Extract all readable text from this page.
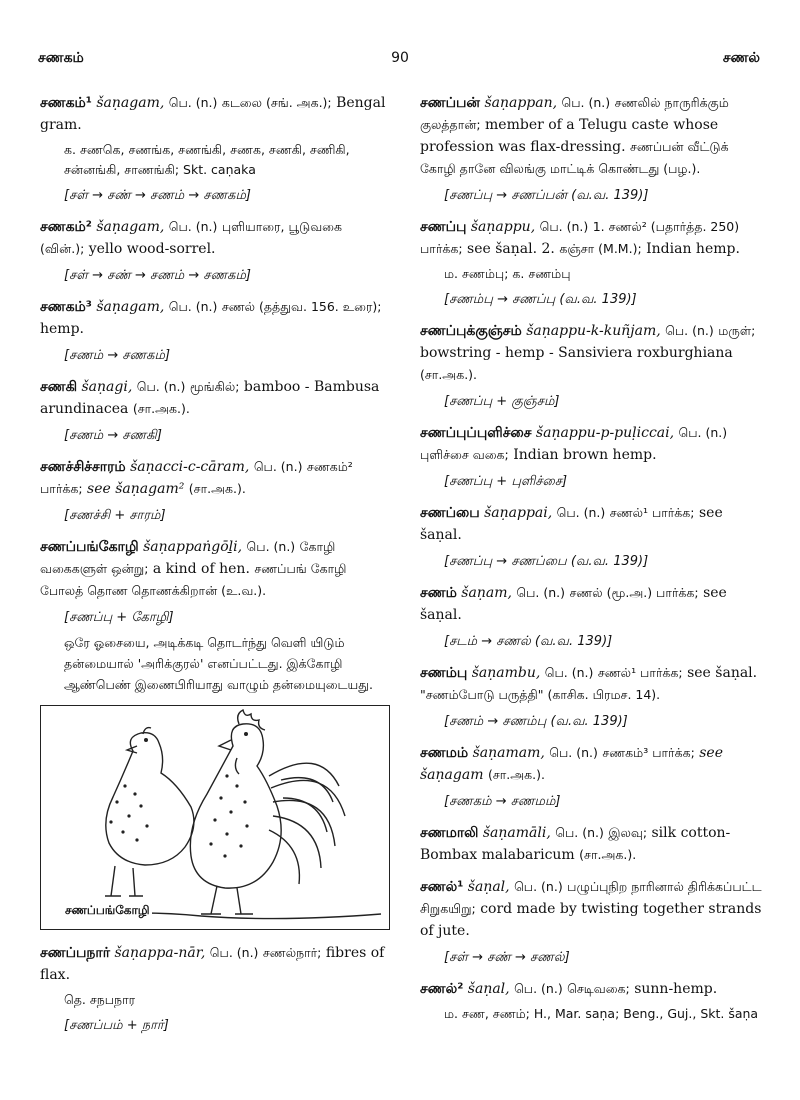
சணகம்	90	சணல்
சணகம்¹ šaṇagam, பெ. (n.) கடலை (சங். அக.); Bengal gram.
க. சணகெ, சணங்க, சணங்கி, சணக, சணகி, சணிகி, சன்னங்கி, சாணங்கி; Skt. caṇaka
[சள் → சண் → சணம் → சணகம்]
சணகம்² šaṇagam, பெ. (n.) புளியாரை, பூடுவகை (வின்.); yello wood-sorrel.
[சள் → சண் → சணம் → சணகம்]
சணகம்³ šaṇagam, பெ. (n.) சணல் (தத்துவ. 156. உரை); hemp.
[சணம் → சணகம்]
சணகி šaṇagi, பெ. (n.) மூங்கில்; bamboo - Bambusa arundinacea (சா.அக.).
[சணம் → சணகி]
சணச்சிச்சாரம் šaṇacci-c-cāram, பெ. (n.) சணகம்² பார்க்க; see šaṇagam² (சா.அக.).
[சணச்சி + சாரம்]
சணப்பங்கோழி šaṇappaṅgōḻi, பெ. (n.) கோழி வகைகளுள் ஒன்று; a kind of hen. சணப்பங் கோழி போலத் தொண தொணக்கிறான் (உ.வ.).
[சணப்பு + கோழி]
ஒரே ஓசையை, அடிக்கடி தொடர்ந்து வெளி யிடும் தன்மையால் 'அரிக்குரல்' எனப்பட்டது. இக்கோழி ஆண்பெண் இணைபிரியாது வாழும் தன்மையுடையது.
சணப்பங்கோழி
சணப்பநார் šaṇappa-nār, பெ. (n.) சணல்நார்; fibres of flax.
தெ. சநபநார
[சணப்பம் + நார்]
சணப்பன் šaṇappan, பெ. (n.) சணலில் நாருரிக்கும் குலத்தான்; member of a Telugu caste whose profession was flax-dressing. சணப்பன் வீட்டுக் கோழி தானே விலங்கு மாட்டிக் கொண்டது (பழ.).
[சணப்பு → சணப்பன் (வ.வ. 139)]
சணப்பு šaṇappu, பெ. (n.) 1. சணல்² (பதார்த்த. 250) பார்க்க; see šaṇal. 2. கஞ்சா (M.M.); Indian hemp.
ம. சணம்பு; க. சணம்பு
[சணம்பு → சணப்பு (வ.வ. 139)]
சணப்புக்குஞ்சம் šaṇappu-k-kuñjam, பெ. (n.) மருள்; bowstring - hemp - Sansiviera roxburghiana (சா.அக.).
[சணப்பு + குஞ்சம்]
சணப்புப்புளிச்சை šaṇappu-p-puḷiccai, பெ. (n.) புளிச்சை வகை; Indian brown hemp.
[சணப்பு + புளிச்சை]
சணப்பை šaṇappai, பெ. (n.) சணல்¹ பார்க்க; see šaṇal.
[சணப்பு → சணப்பை (வ.வ. 139)]
சணம் šaṇam, பெ. (n.) சணல் (மூ.அ.) பார்க்க; see šaṇal.
[சடம் → சணல் (வ.வ. 139)]
சணம்பு šaṇambu, பெ. (n.) சணல்¹ பார்க்க; see šaṇal. "சணம்போடு பருத்தி" (காசிக. பிரமச. 14).
[சணம் → சணம்பு (வ.வ. 139)]
சணமம் šaṇamam, பெ. (n.) சணகம்³ பார்க்க; see šaṇagam (சா.அக.).
[சணகம் → சணமம்]
சணமாலி šaṇamāli, பெ. (n.) இலவு; silk cotton-Bombax malabaricum (சா.அக.).
சணல்¹ šaṇal, பெ. (n.) பழுப்புநிற நாரினால் திரிக்கப்பட்ட சிறுகயிறு; cord made by twisting together strands of jute.
[சள் → சண் → சணல்]
சணல்² šaṇal, பெ. (n.) செடிவகை; sunn-hemp.
ம. சண, சணம்; H., Mar. saṇa; Beng., Guj., Skt. šaṇa
